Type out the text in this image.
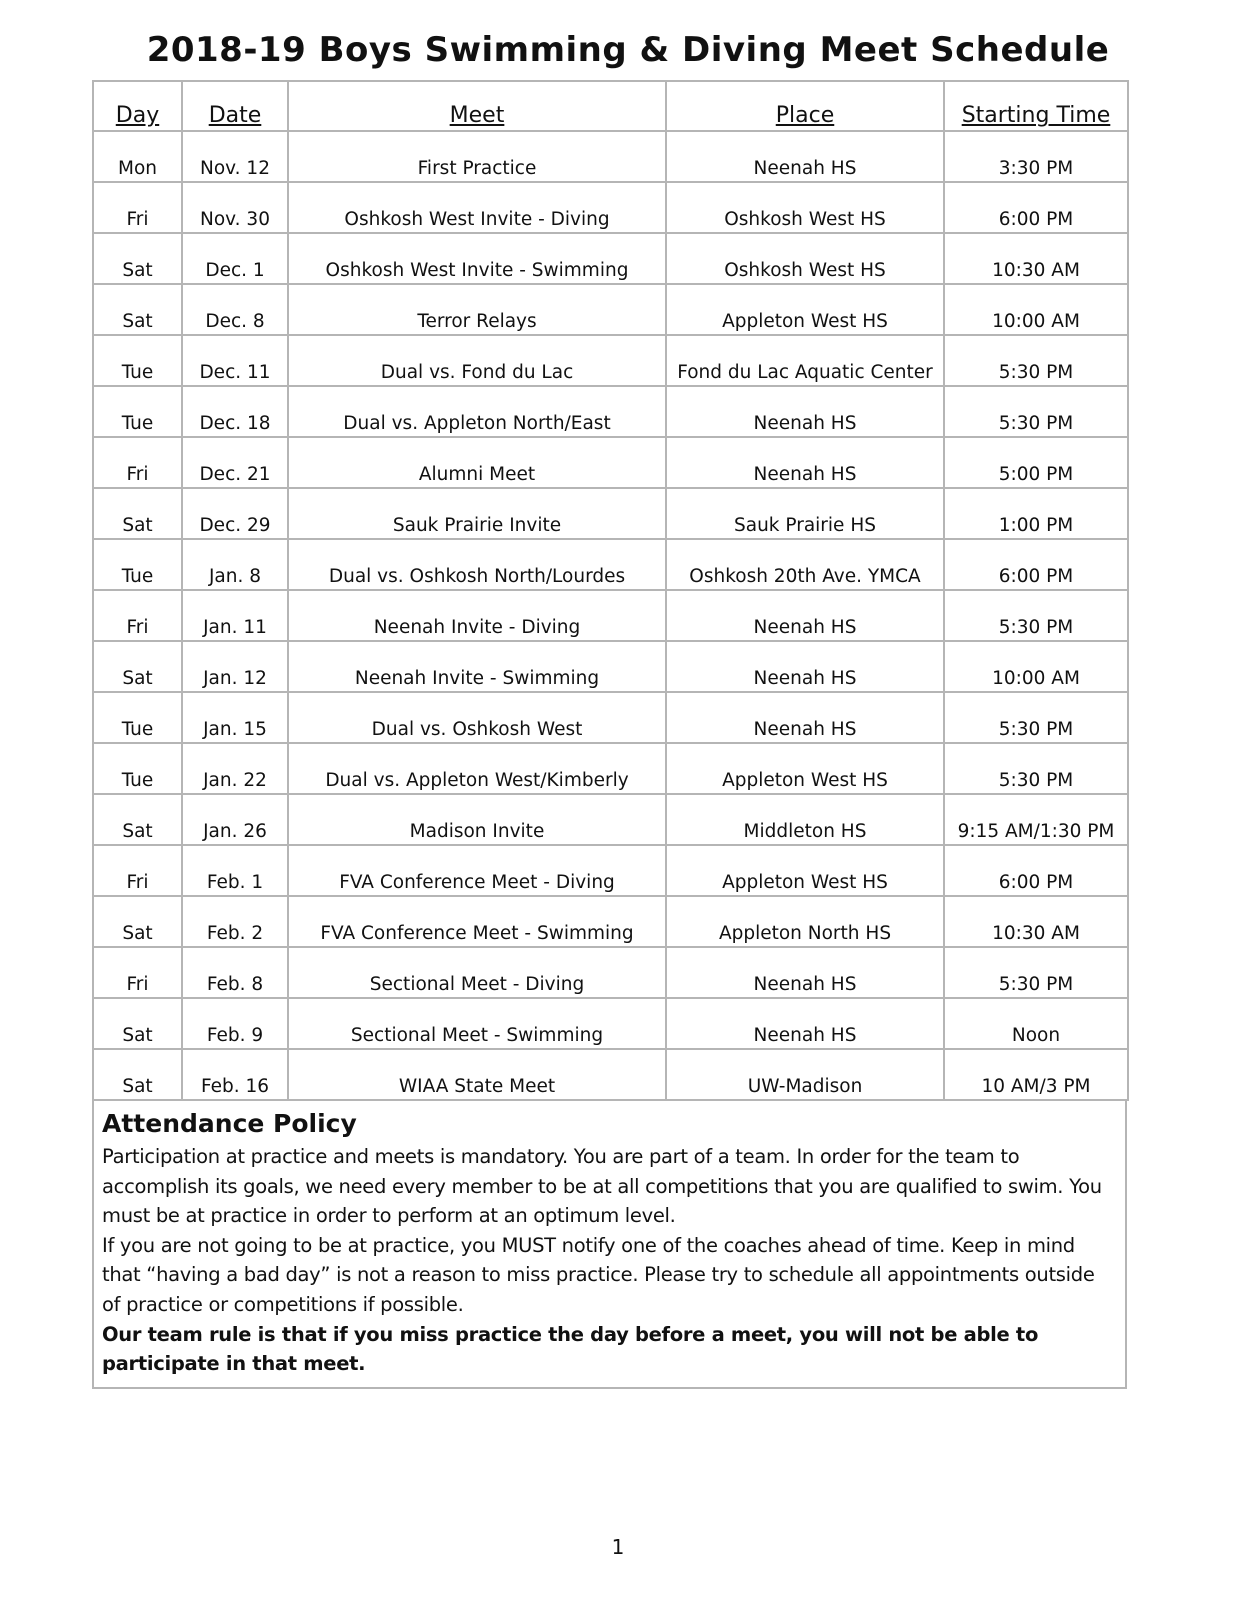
2018-19 Boys Swimming & Diving Meet Schedule
Day	Date	Meet	Place	Starting Time
Mon	Nov. 12	First Practice	Neenah HS	3:30 PM
Fri	Nov. 30	Oshkosh West Invite - Diving	Oshkosh West HS	6:00 PM
Sat	Dec. 1	Oshkosh West Invite - Swimming	Oshkosh West HS	10:30 AM
Sat	Dec. 8	Terror Relays	Appleton West HS	10:00 AM
Tue	Dec. 11	Dual vs. Fond du Lac	Fond du Lac Aquatic Center	5:30 PM
Tue	Dec. 18	Dual vs. Appleton North/East	Neenah HS	5:30 PM
Fri	Dec. 21	Alumni Meet	Neenah HS	5:00 PM
Sat	Dec. 29	Sauk Prairie Invite	Sauk Prairie HS	1:00 PM
Tue	Jan. 8	Dual vs. Oshkosh North/Lourdes	Oshkosh 20th Ave. YMCA	6:00 PM
Fri	Jan. 11	Neenah Invite - Diving	Neenah HS	5:30 PM
Sat	Jan. 12	Neenah Invite - Swimming	Neenah HS	10:00 AM
Tue	Jan. 15	Dual vs. Oshkosh West	Neenah HS	5:30 PM
Tue	Jan. 22	Dual vs. Appleton West/Kimberly	Appleton West HS	5:30 PM
Sat	Jan. 26	Madison Invite	Middleton HS	9:15 AM/1:30 PM
Fri	Feb. 1	FVA Conference Meet - Diving	Appleton West HS	6:00 PM
Sat	Feb. 2	FVA Conference Meet - Swimming	Appleton North HS	10:30 AM
Fri	Feb. 8	Sectional Meet - Diving	Neenah HS	5:30 PM
Sat	Feb. 9	Sectional Meet - Swimming	Neenah HS	Noon
Sat	Feb. 16	WIAA State Meet	UW-Madison	10 AM/3 PM
Attendance Policy

Participation at practice and meets is mandatory. You are part of a team. In order for the team to accomplish its goals, we need every member to be at all competitions that you are qualified to swim. You must be at practice in order to perform at an optimum level.

If you are not going to be at practice, you MUST notify one of the coaches ahead of time. Keep in mind that “having a bad day” is not a reason to miss practice. Please try to schedule all appointments outside of practice or competitions if possible.

Our team rule is that if you miss practice the day before a meet, you will not be able to participate in that meet.

1
